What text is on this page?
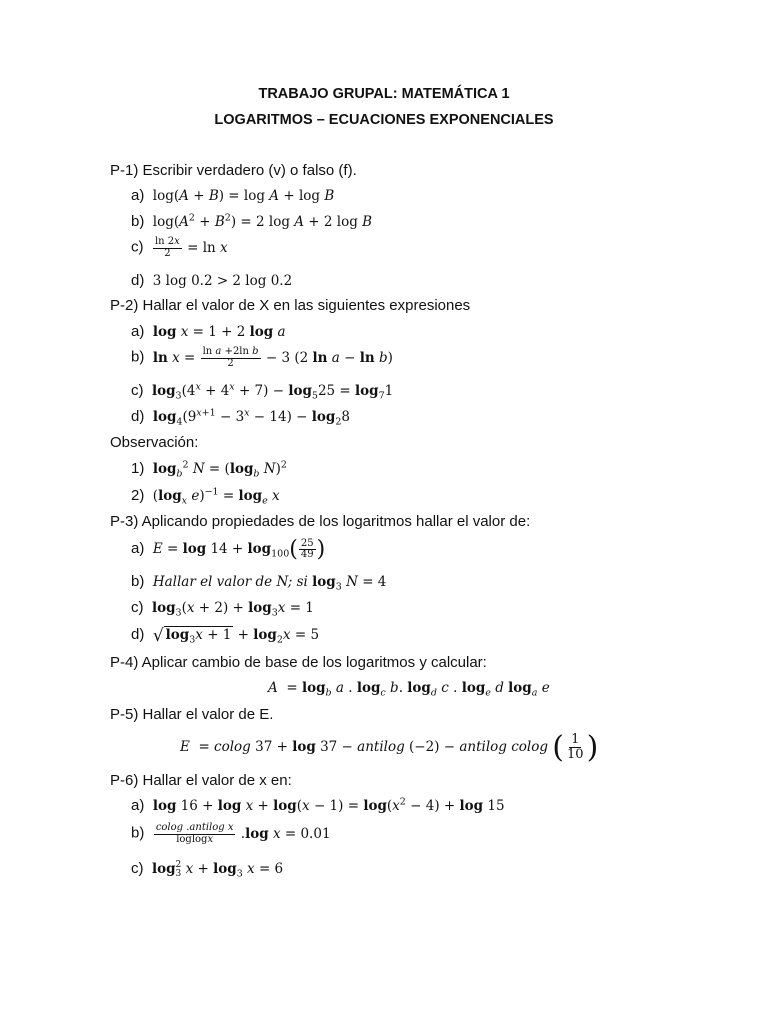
TRABAJO GRUPAL: MATEMÁTICA 1
LOGARITMOS – ECUACIONES EXPONENCIALES
P-1) Escribir verdadero (v) o falso (f).
a)  log(A + B) = log A + log B
b)  $\log(A^2 + B^2) = 2$ log A + 2 log B
$c) \frac{\ln 2x}{2} = \ln x$
d)  3 log 0.2 > 2 log 0.2
P-2) Hallar el valor de X en las siguientes expresiones
a) log x = 1 + 2 log a
b) $\ln x = \frac{\text{ln a +2ln b}}{2} - 3$ (2 ln a − ln b)
c) $\log_3(4^x + 4^x + 7) - \log_525 = \log_71$
d) $\log_4(9^{x+1} - 3^x - 14) - \log_28$
Observación:
1) $\log_b^2 N = (\log_b$ N)$^2$
2)  ($\log_x$ $e)^{-1} = \log_e x$
P-3) Aplicando propiedades de los logaritmos hallar el valor de:
a) $E = \log 14 + \log_{100}( \frac{25}{49}$ )
b) Hallar el valor de N; si $\log_3 N = 4$
c) $\log_3(x + 2) + \log_3x = 1$
d) √ $\log_3x + 1 + \log_2x = 5$
P-4) Aplicar cambio de base de los logaritmos y calcular:
$A = \log_b a$ . $\log_c b$. $\log_d c$ . $\log_e d$ $\log_a e$
P-5) Hallar el valor de E.
E  = colog 37 + log 37 − antilog (−2) − antilog colog ( $\frac{1}{10}$ )
P-6) Hallar el valor de x en:
a) $\log 16 + \log x + \log(x - 1) = \log(x^2 - 4) + \log 15$
$b) \frac{\text{colog .antilog x}}{\text{loglogx}} .\log$ x = 0.01
c) log 2
3 $x + \log_3 x = 6$
